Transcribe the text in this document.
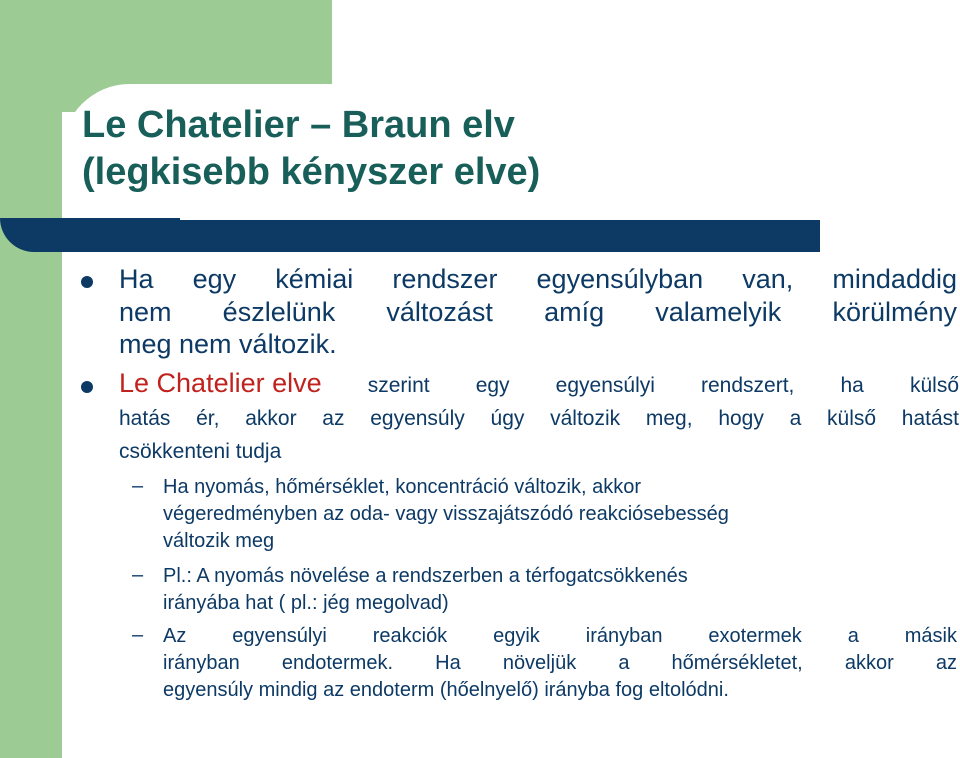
Le Chatelier – Braun elv
(legkisebb kényszer elve)
Ha egy kémiai rendszer egyensúlyban van, mindaddig
nem észlelünk változást amíg valamelyik körülmény
meg nem változik.
Le Chatelier elve szerint egy egyensúlyi rendszert, ha külső
hatás ér, akkor az egyensúly úgy változik meg, hogy a külső hatást
csökkenteni tudja
– Ha nyomás, hőmérséklet, koncentráció változik, akkor
végeredményben az oda- vagy visszajátszódó reakciósebesség
változik meg
– Pl.: A nyomás növelése a rendszerben a térfogatcsökkenés
irányába hat ( pl.: jég megolvad)
– Az egyensúlyi reakciók egyik irányban exotermek a másik
irányban endotermek. Ha növeljük a hőmérsékletet, akkor az
egyensúly mindig az endoterm (hőelnyelő) irányba fog eltolódni.
